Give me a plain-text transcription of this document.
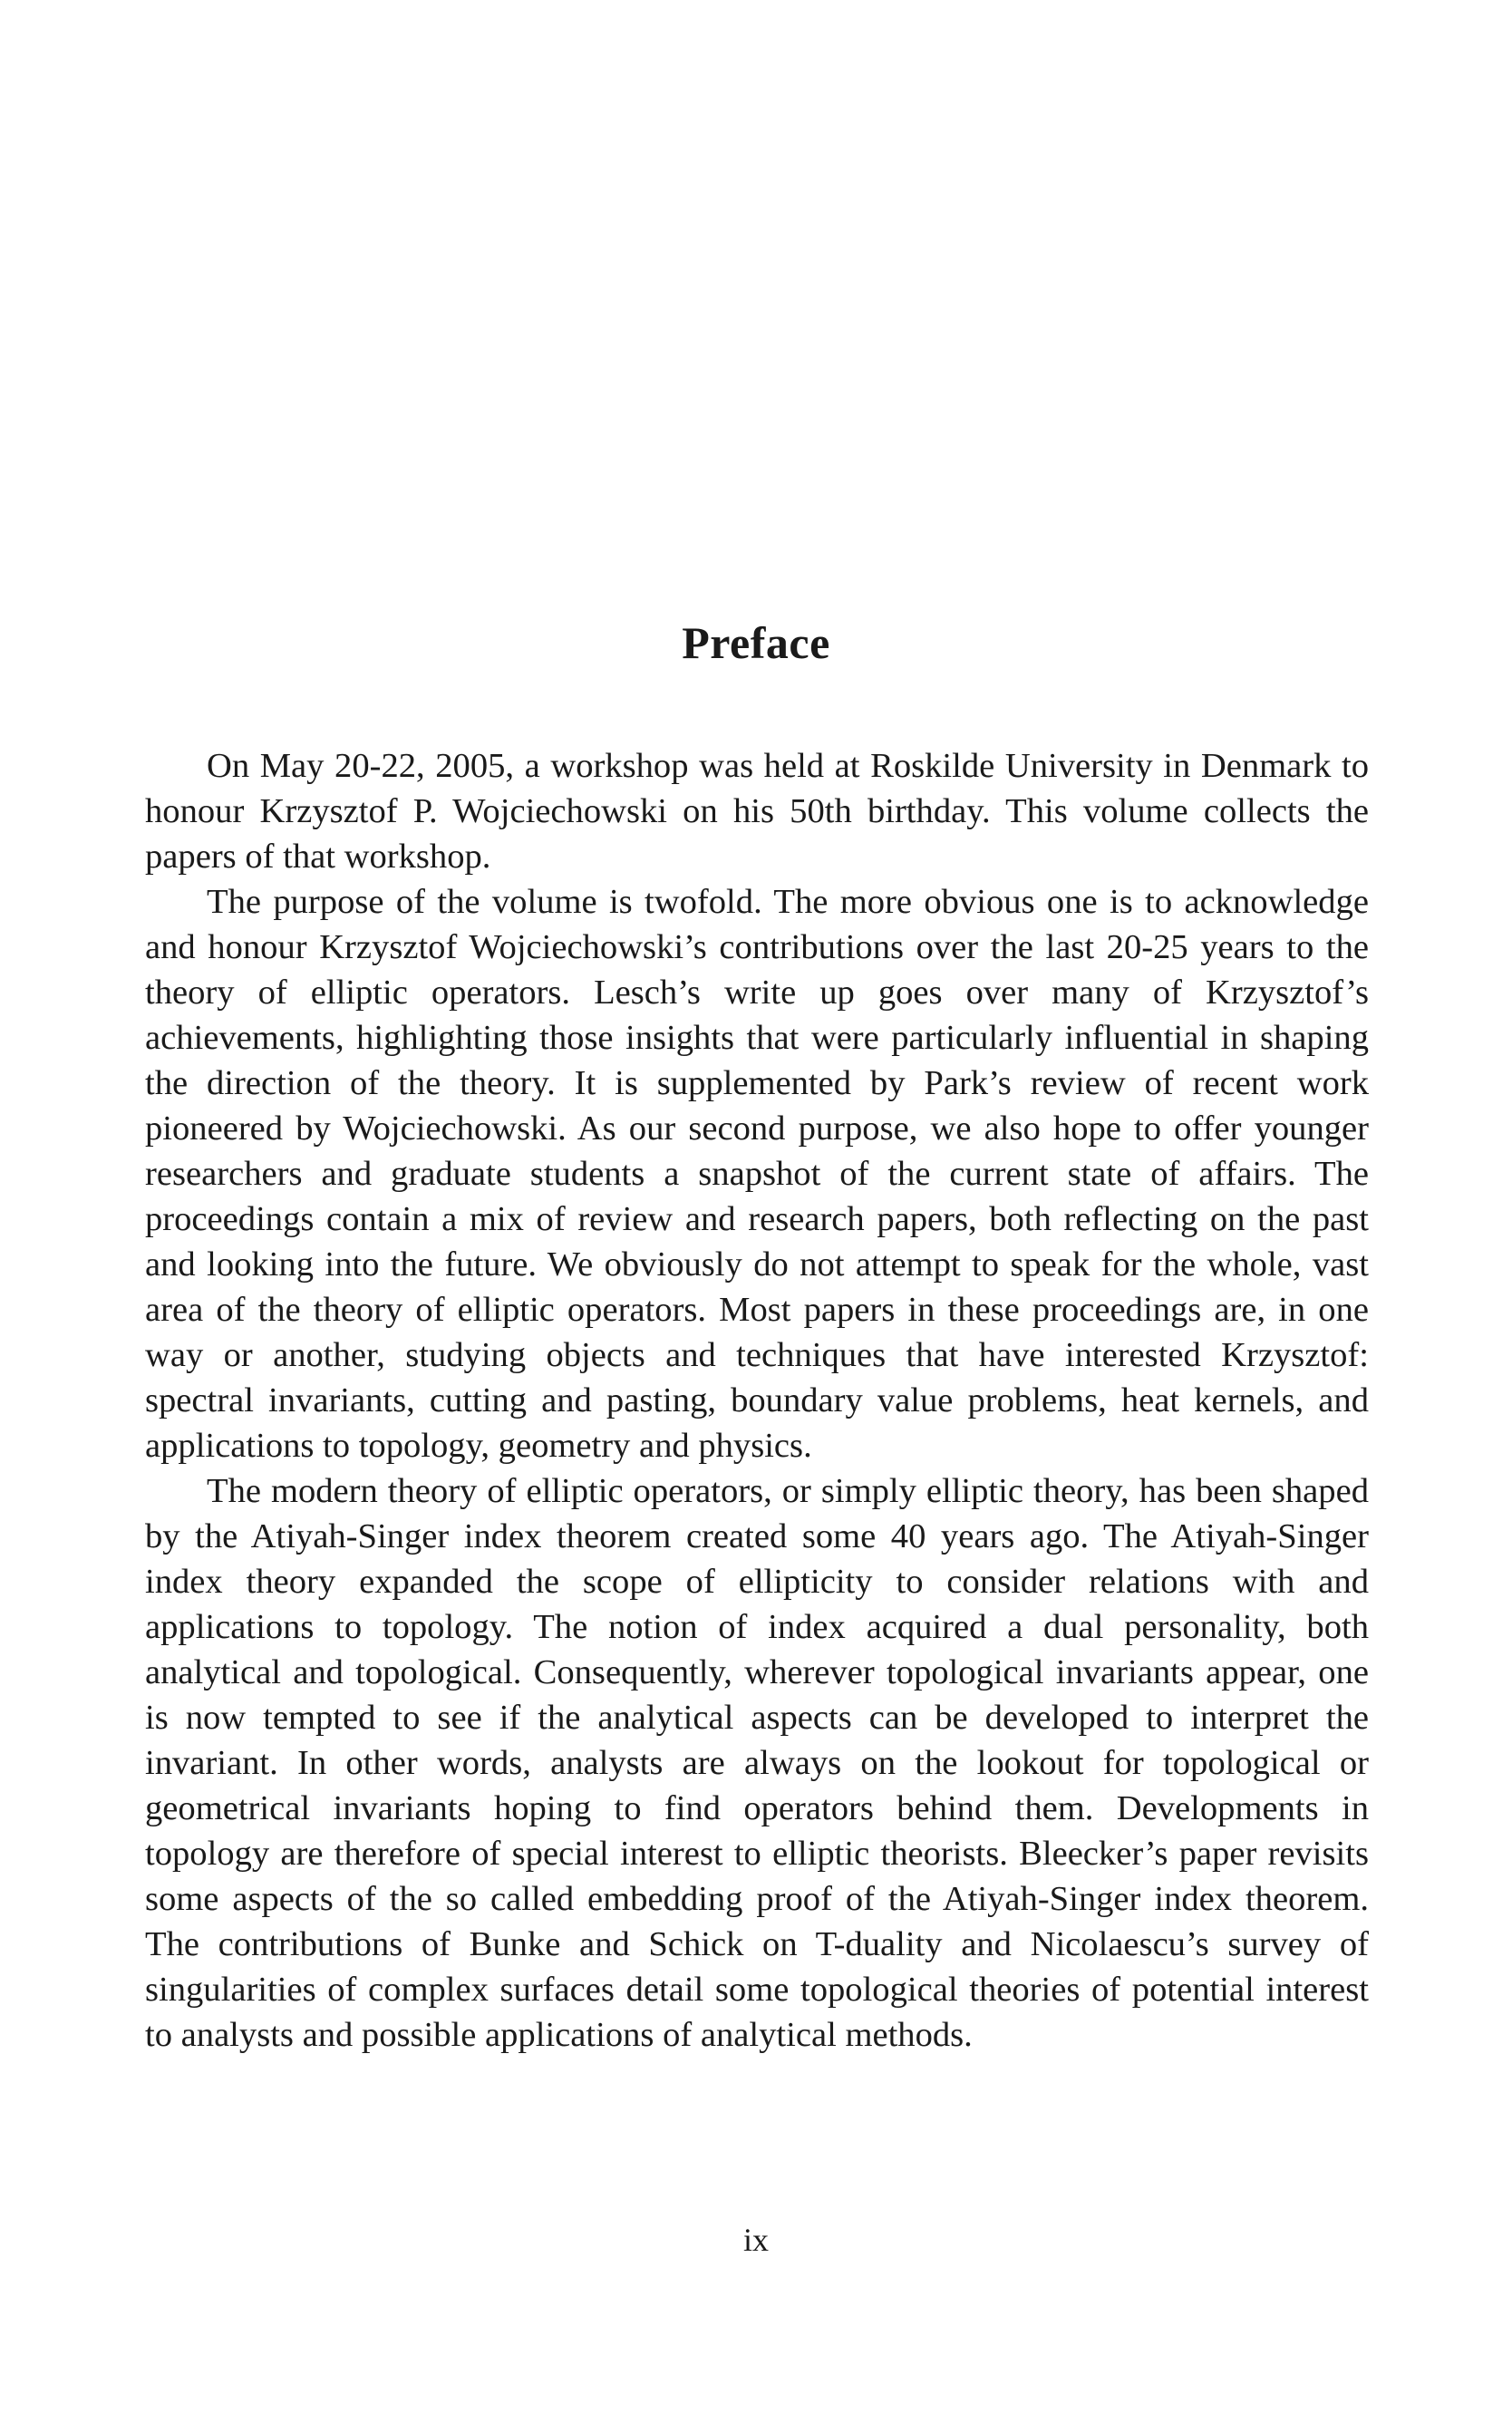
Preface

On May 20-22, 2005, a workshop was held at Roskilde University in Denmark to honour Krzysztof P. Wojciechowski on his 50th birthday. This volume collects the papers of that workshop.

The purpose of the volume is twofold. The more obvious one is to acknowledge and honour Krzysztof Wojciechowski’s contributions over the last 20-25 years to the theory of elliptic operators. Lesch’s write up goes over many of Krzysztof’s achievements, highlighting those insights that were particularly influential in shaping the direction of the theory. It is supplemented by Park’s review of recent work pioneered by Wojciechowski. As our second purpose, we also hope to offer younger researchers and graduate students a snapshot of the current state of affairs. The proceedings contain a mix of review and research papers, both reflecting on the past and looking into the future. We obviously do not attempt to speak for the whole, vast area of the theory of elliptic operators. Most papers in these proceedings are, in one way or another, studying objects and techniques that have interested Krzysztof: spectral invariants, cutting and pasting, boundary value problems, heat kernels, and applications to topology, geometry and physics.

The modern theory of elliptic operators, or simply elliptic theory, has been shaped by the Atiyah-Singer index theorem created some 40 years ago. The Atiyah-Singer index theory expanded the scope of ellipticity to consider relations with and applications to topology. The notion of index acquired a dual personality, both analytical and topological. Consequently, wherever topological invariants appear, one is now tempted to see if the analytical aspects can be developed to interpret the invariant. In other words, analysts are always on the lookout for topological or geometrical invariants hoping to find operators behind them. Developments in topology are therefore of special interest to elliptic theorists. Bleecker’s paper revisits some aspects of the so called embedding proof of the Atiyah-Singer index theorem. The contributions of Bunke and Schick on T-duality and Nicolaescu’s survey of singularities of complex surfaces detail some topological theories of potential interest to analysts and possible applications of analytical methods.

ix
